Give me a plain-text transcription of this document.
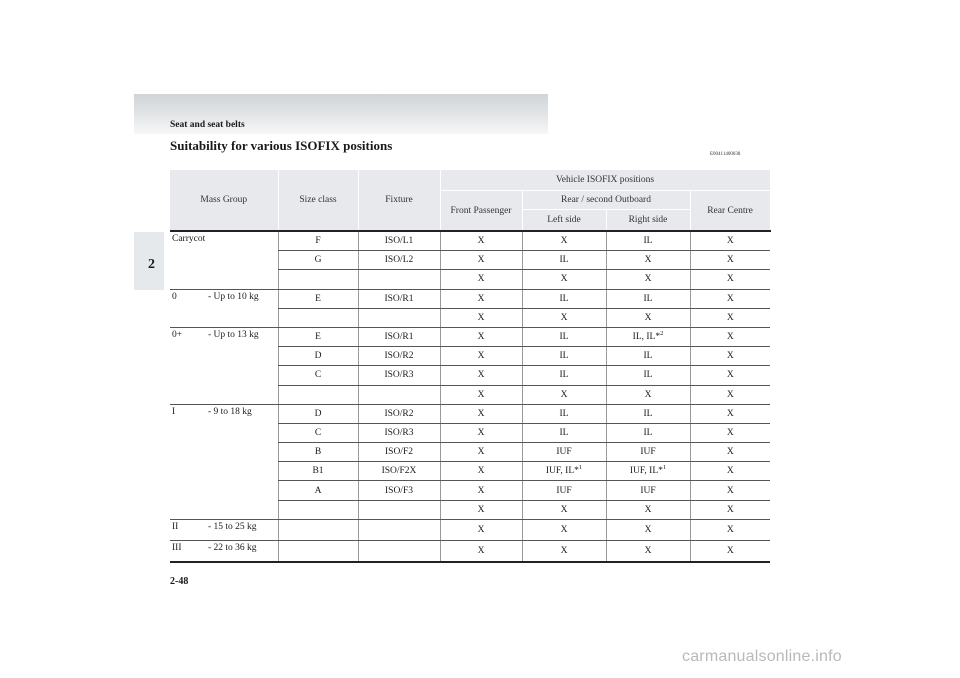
Seat and seat belts
Suitability for various ISOFIX positions
E00411400038
2
Mass Group	Size class	Fixture	Vehicle ISOFIX positions			
			Front Passenger	Rear / second Outboard		Rear Centre
				Left side	Right side	
Carrycot	F	ISO/L1	X	X	IL	X
	G	ISO/L2	X	IL	X	X
			X	X	X	X
0 - Up to 10 kg	E	ISO/R1	X	IL	IL	X
			X	X	X	X
0+ - Up to 13 kg	E	ISO/R1	X	IL	IL, IL*$^2$	X
	D	ISO/R2	X	IL	IL	X
	C	ISO/R3	X	IL	IL	X
			X	X	X	X
I - 9 to 18 kg	D	ISO/R2	X	IL	IL	X
	C	ISO/R3	X	IL	IL	X
	B	ISO/F2	X	IUF	IUF	X
	B1	ISO/F2X	X	IUF, IL*$^1$	IUF, IL*$^1$	X
	A	ISO/F3	X	IUF	IUF	X
			X	X	X	X
II - 15 to 25 kg			X	X	X	X
III - 22 to 36 kg			X	X	X	X
2-48
carmanualsonline.info
